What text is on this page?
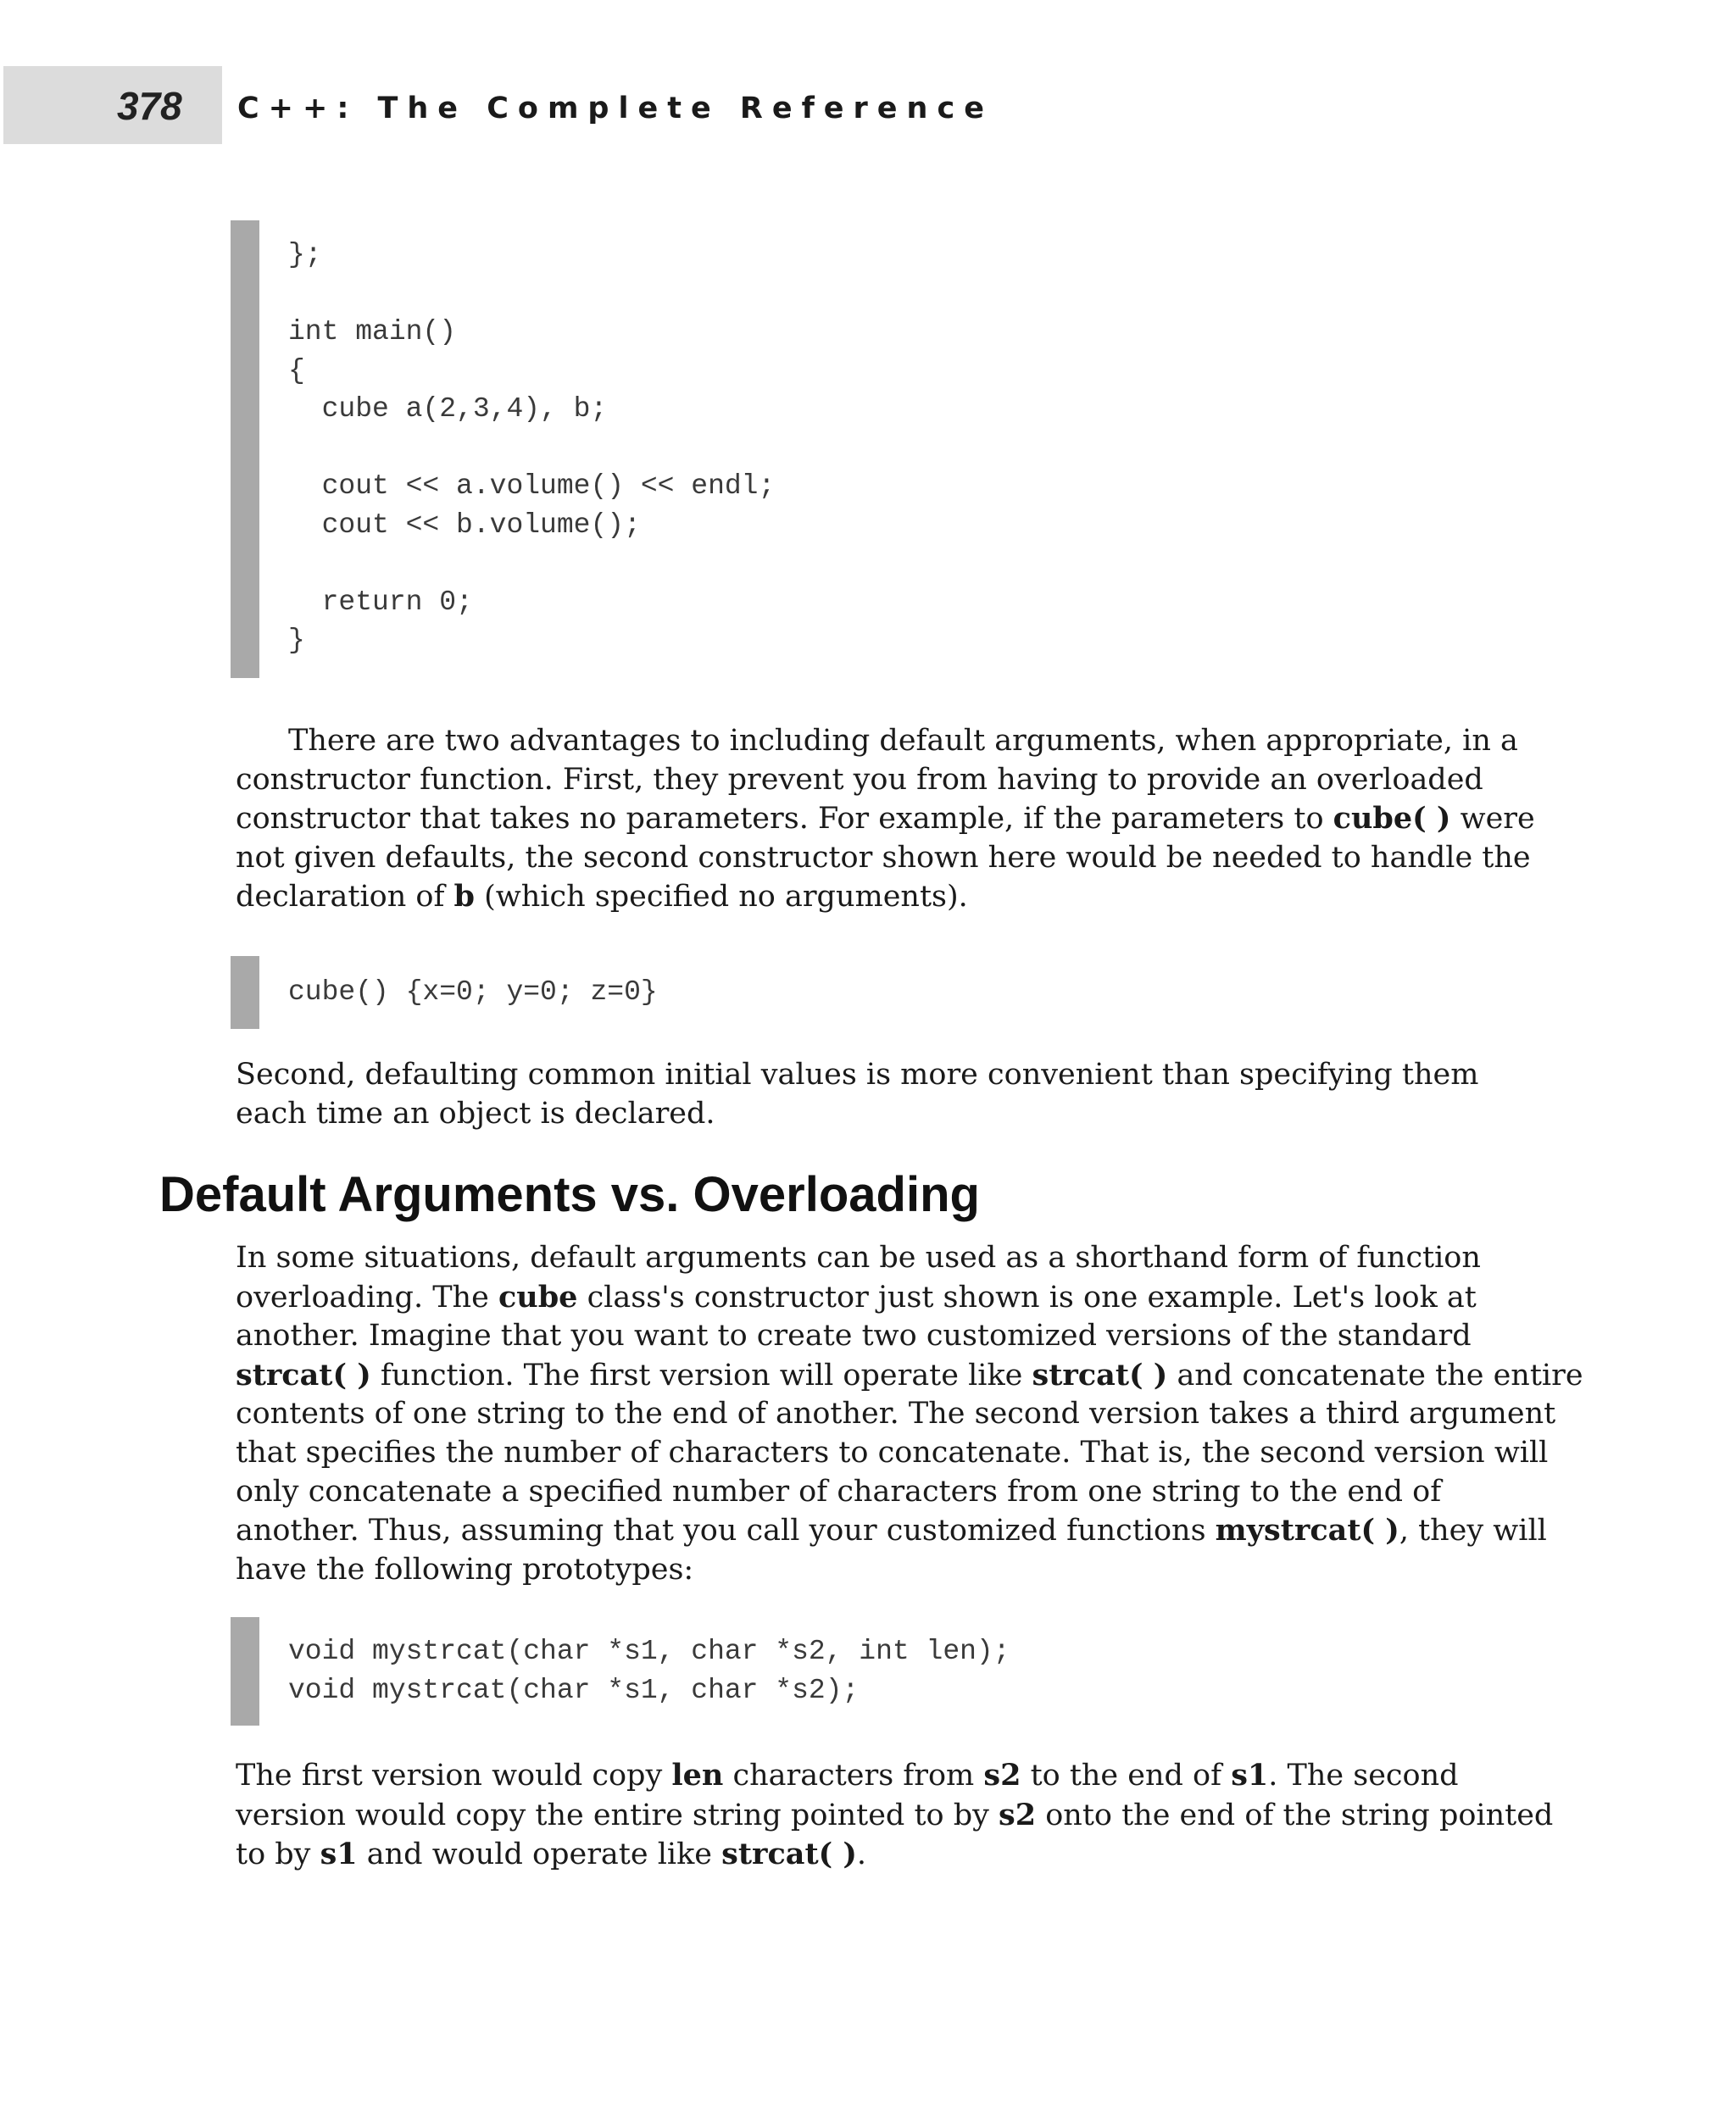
378 C++: The Complete Reference
};
int main()
{
cube a(2,3,4), b;
cout << a.volume() << endl;
cout << b.volume();
return 0;
}
There are two advantages to including default arguments, when appropriate, in a
constructor function. First, they prevent you from having to provide an overloaded
constructor that takes no parameters. For example, if the parameters to cube( ) were
not given defaults, the second constructor shown here would be needed to handle the
declaration of b (which specified no arguments).
cube() {x=0; y=0; z=0}
Second, defaulting common initial values is more convenient than specifying them
each time an object is declared.
Default Arguments vs. Overloading
In some situations, default arguments can be used as a shorthand form of function
overloading. The cube class's constructor just shown is one example. Let's look at
another. Imagine that you want to create two customized versions of the standard
strcat( ) function. The first version will operate like strcat( ) and concatenate the entire
contents of one string to the end of another. The second version takes a third argument
that specifies the number of characters to concatenate. That is, the second version will
only concatenate a specified number of characters from one string to the end of
another. Thus, assuming that you call your customized functions mystrcat( ), they will
have the following prototypes:
void mystrcat(char *s1, char *s2, int len);
void mystrcat(char *s1, char *s2);
The first version would copy len characters from s2 to the end of s1. The second
version would copy the entire string pointed to by s2 onto the end of the string pointed
to by s1 and would operate like strcat( ).
